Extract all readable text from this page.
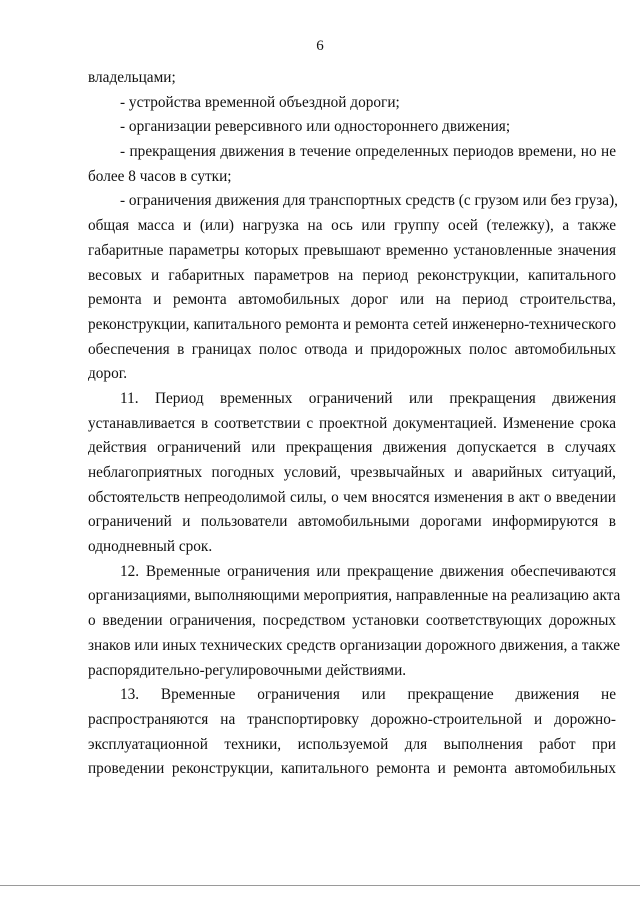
6
владельцами;
- устройства временной объездной дороги;
- организации реверсивного или одностороннего движения;
- прекращения движения в течение определенных периодов времени, но не
более 8 часов в сутки;
- ограничения движения для транспортных средств (с грузом или без груза),
общая масса и (или) нагрузка на ось или группу осей (тележку), а также
габаритные параметры которых превышают временно установленные значения
весовых и габаритных параметров на период реконструкции, капитального
ремонта и ремонта автомобильных дорог или на период строительства,
реконструкции, капитального ремонта и ремонта сетей инженерно-технического
обеспечения в границах полос отвода и придорожных полос автомобильных
дорог.
11. Период временных ограничений или прекращения движения
устанавливается в соответствии с проектной документацией. Изменение срока
действия ограничений или прекращения движения допускается в случаях
неблагоприятных погодных условий, чрезвычайных и аварийных ситуаций,
обстоятельств непреодолимой силы, о чем вносятся изменения в акт о введении
ограничений и пользователи автомобильными дорогами информируются в
однодневный срок.
12. Временные ограничения или прекращение движения обеспечиваются
организациями, выполняющими мероприятия, направленные на реализацию акта
о введении ограничения, посредством установки соответствующих дорожных
знаков или иных технических средств организации дорожного движения, а также
распорядительно-регулировочными действиями.
13. Временные ограничения или прекращение движения не
распространяются на транспортировку дорожно-строительной и дорожно-
эксплуатационной техники, используемой для выполнения работ при
проведении реконструкции, капитального ремонта и ремонта автомобильных
